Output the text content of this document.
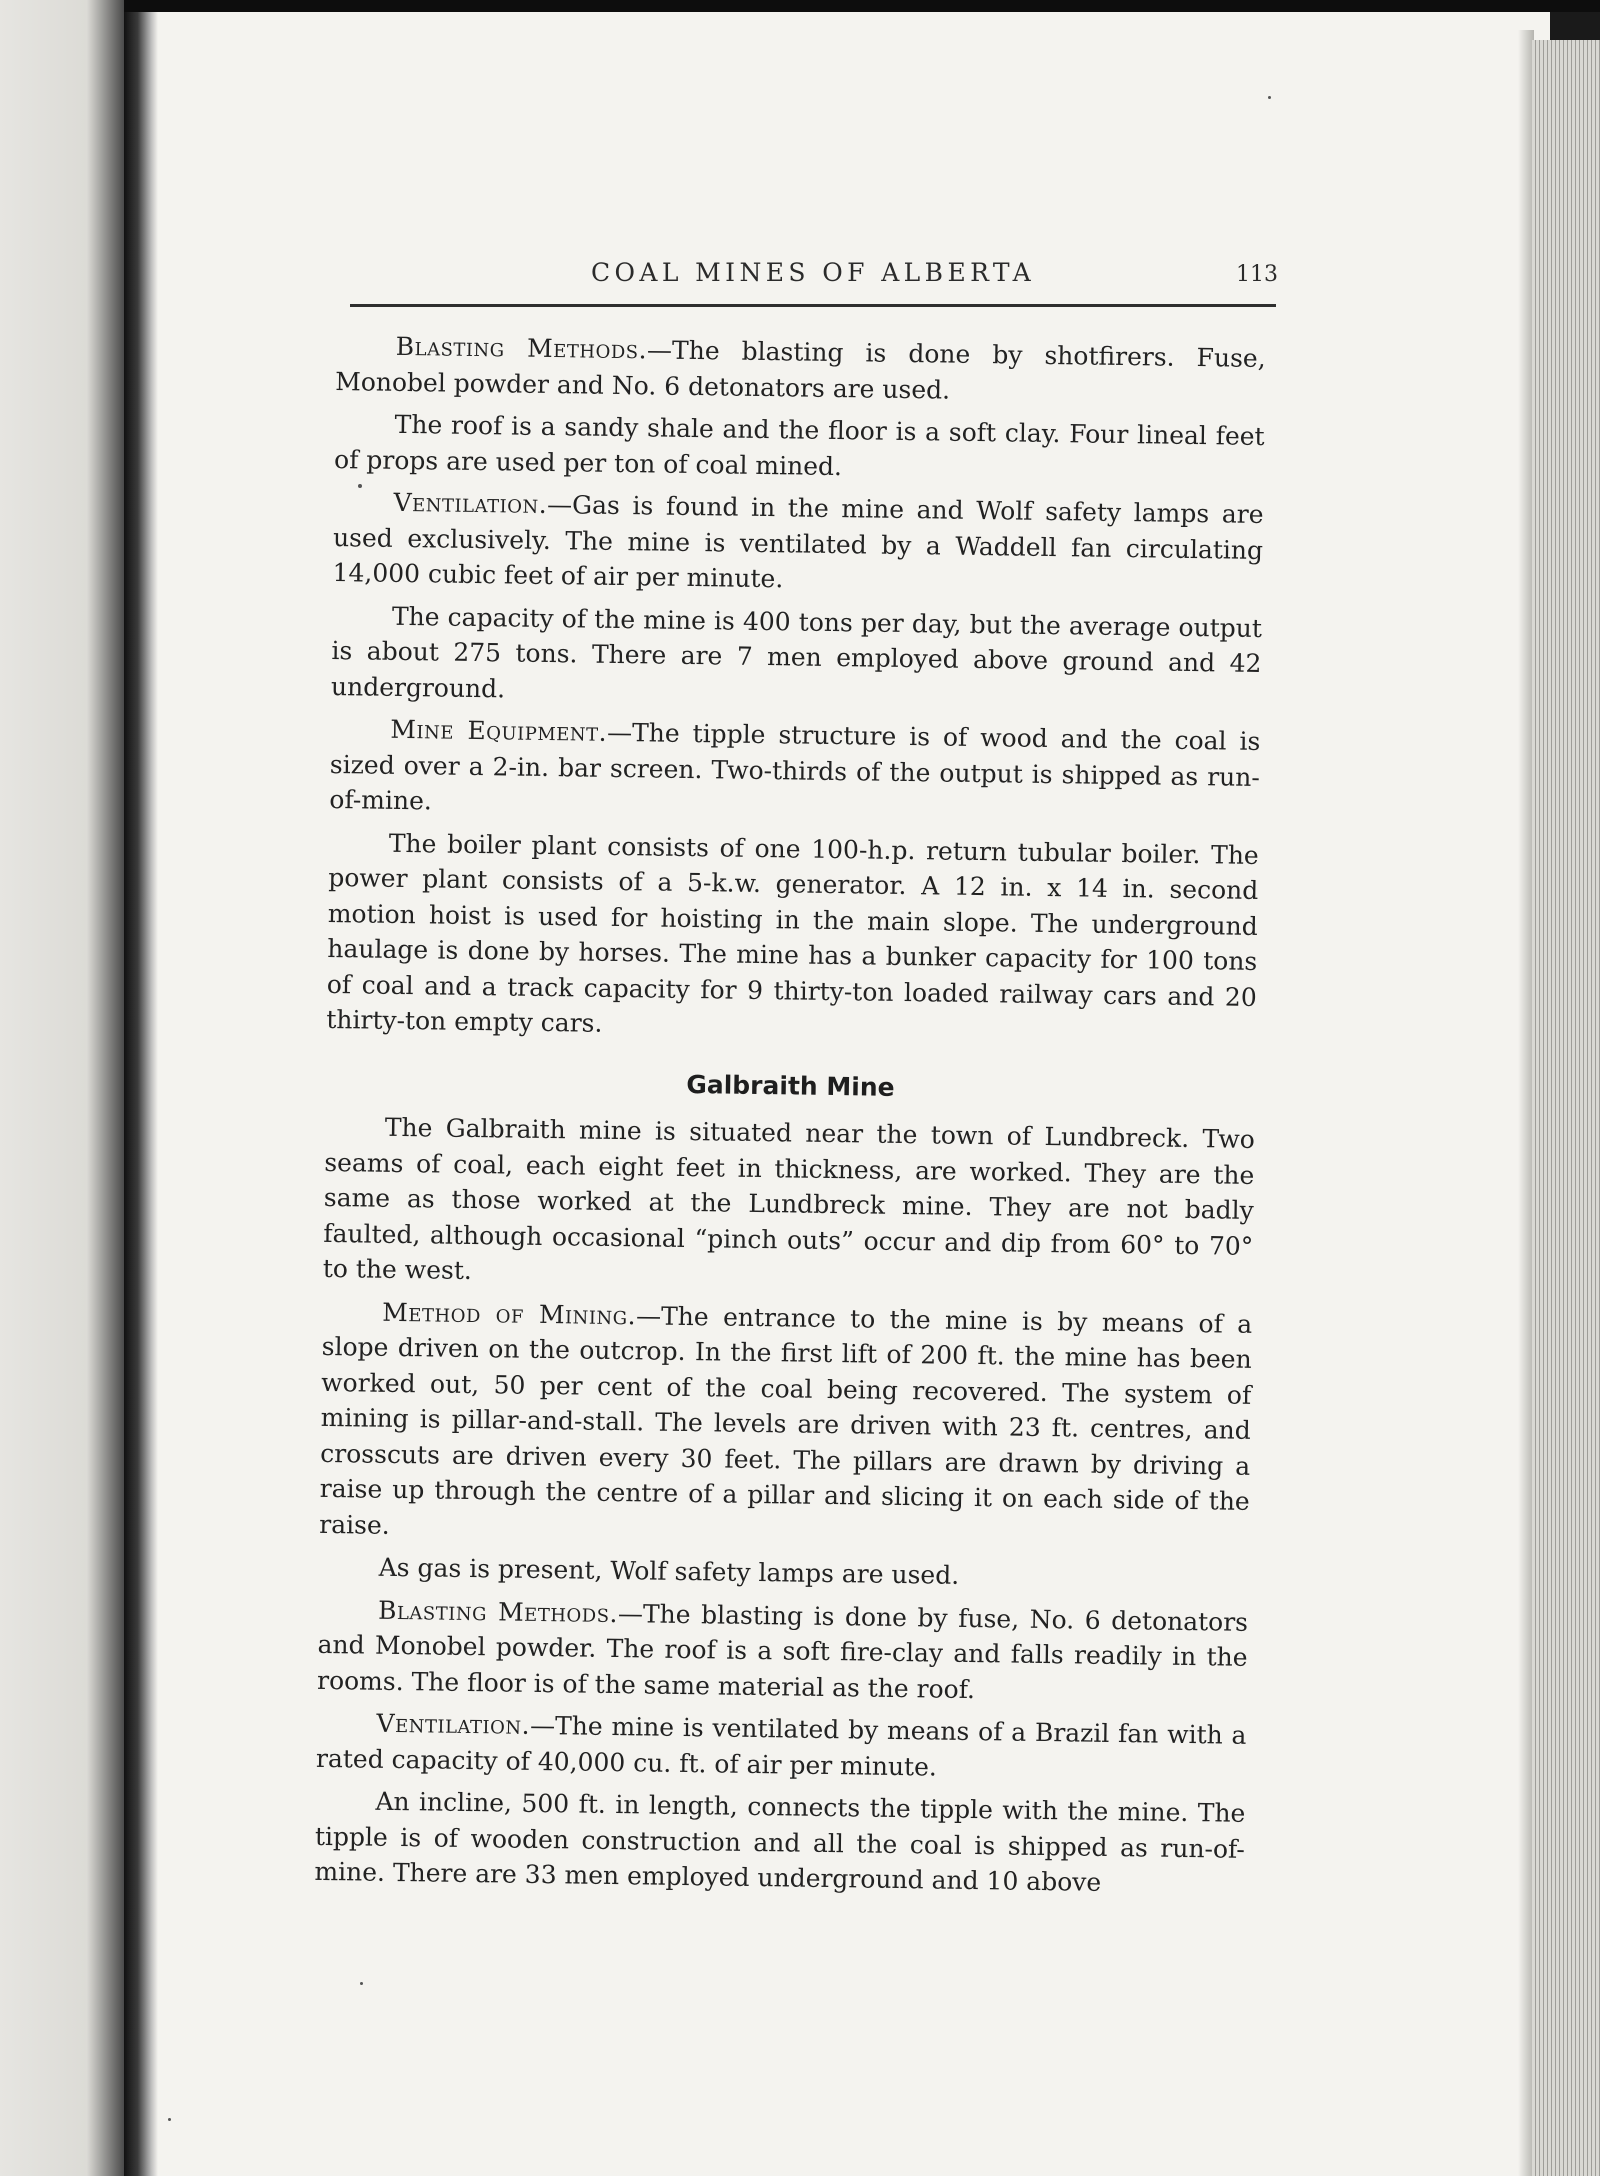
COAL MINES OF ALBERTA	113

Blasting Methods.—The blasting is done by shotfirers. Fuse, Monobel powder and No. 6 detonators are used.

The roof is a sandy shale and the floor is a soft clay. Four lineal feet of props are used per ton of coal mined.

Ventilation.—Gas is found in the mine and Wolf safety lamps are used exclusively. The mine is ventilated by a Waddell fan circulating 14,000 cubic feet of air per minute.

The capacity of the mine is 400 tons per day, but the average output is about 275 tons. There are 7 men employed above ground and 42 underground.

Mine Equipment.—The tipple structure is of wood and the coal is sized over a 2-in. bar screen. Two-thirds of the output is shipped as run-of-mine.

The boiler plant consists of one 100-h.p. return tubular boiler. The power plant consists of a 5-k.w. generator. A 12 in. x 14 in. second motion hoist is used for hoisting in the main slope. The underground haulage is done by horses. The mine has a bunker capacity for 100 tons of coal and a track capacity for 9 thirty-ton loaded railway cars and 20 thirty-ton empty cars.

Galbraith Mine

The Galbraith mine is situated near the town of Lundbreck. Two seams of coal, each eight feet in thickness, are worked. They are the same as those worked at the Lundbreck mine. They are not badly faulted, although occasional “pinch outs” occur and dip from 60° to 70° to the west.

Method of Mining.—The entrance to the mine is by means of a slope driven on the outcrop. In the first lift of 200 ft. the mine has been worked out, 50 per cent of the coal being recovered. The system of mining is pillar-and-stall. The levels are driven with 23 ft. centres, and crosscuts are driven every 30 feet. The pillars are drawn by driving a raise up through the centre of a pillar and slicing it on each side of the raise.

As gas is present, Wolf safety lamps are used.

Blasting Methods.—The blasting is done by fuse, No. 6 detonators and Monobel powder. The roof is a soft fire-clay and falls readily in the rooms. The floor is of the same material as the roof.

Ventilation.—The mine is ventilated by means of a Brazil fan with a rated capacity of 40,000 cu. ft. of air per minute.

An incline, 500 ft. in length, connects the tipple with the mine. The tipple is of wooden construction and all the coal is shipped as run-of-mine. There are 33 men employed underground and 10 above
